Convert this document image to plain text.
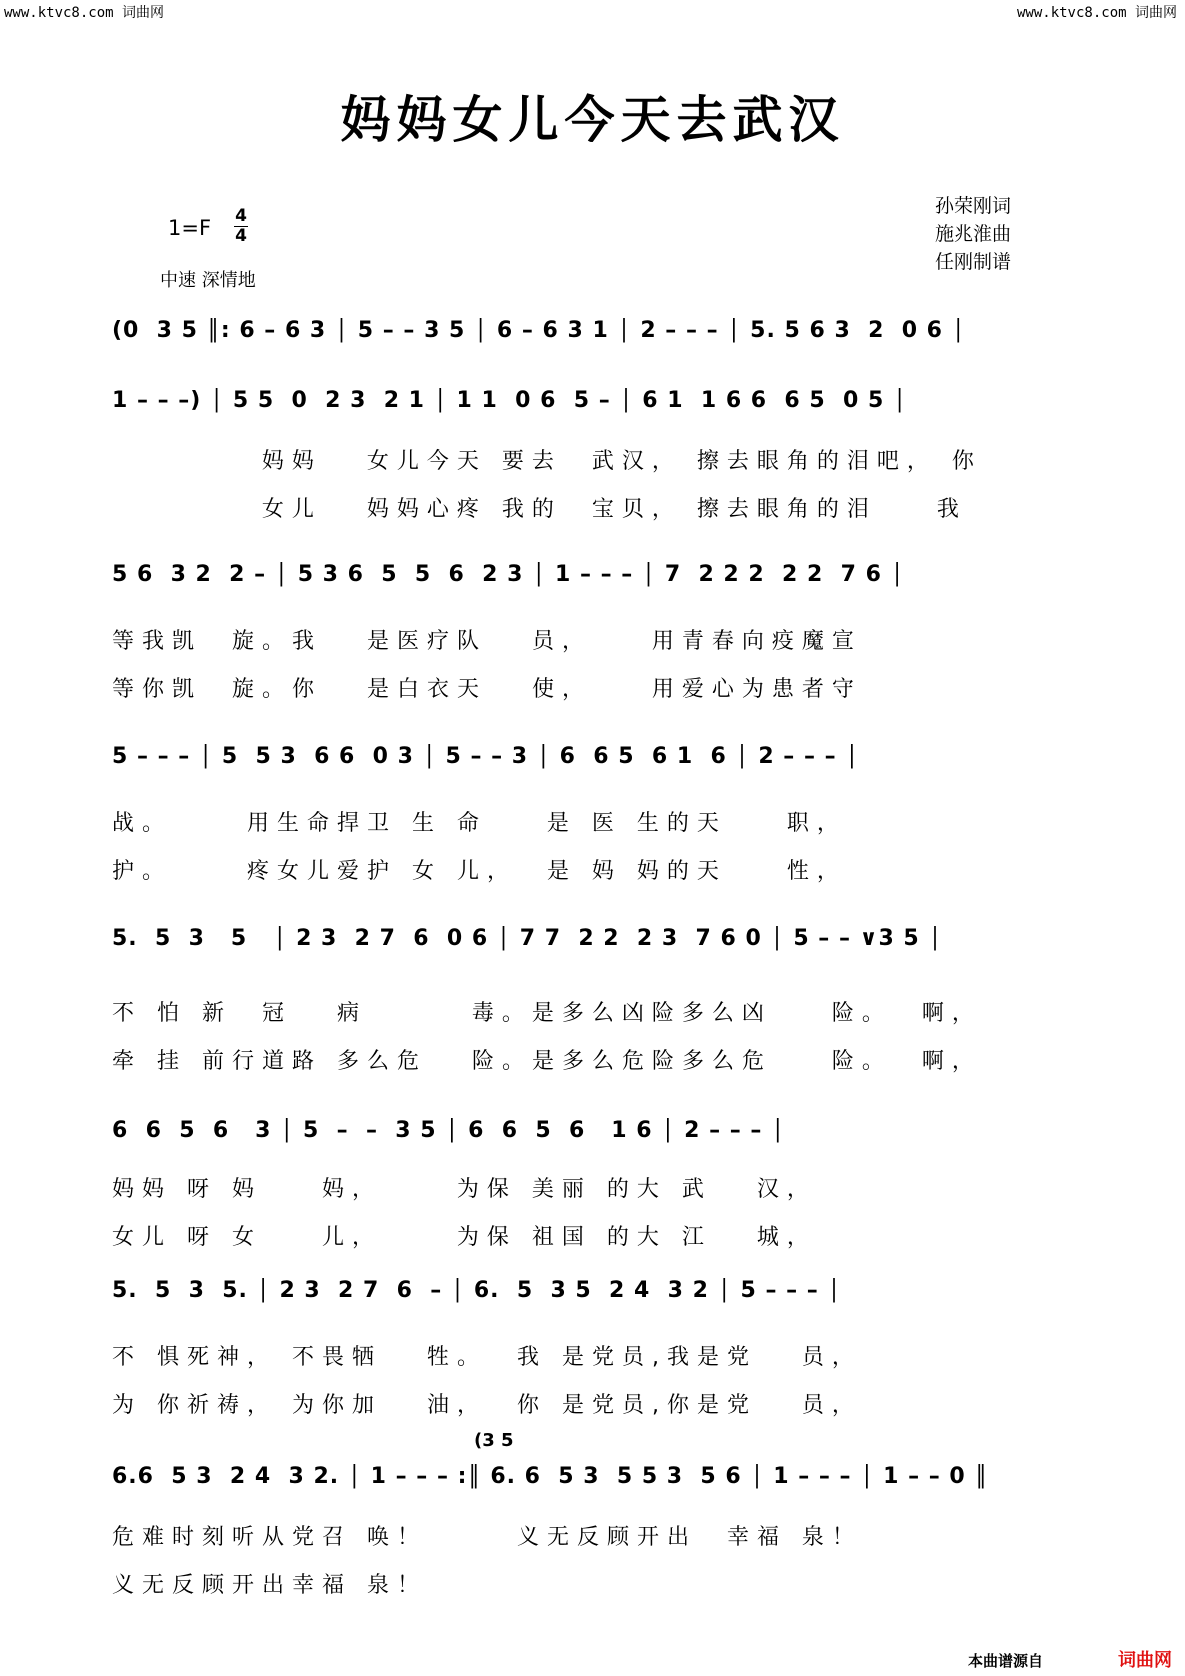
www.ktvc8.com 词曲网	www.ktvc8.com 词曲网
妈妈女儿今天去武汉
1=F 4
4
中速 深情地
孙荣刚词
施兆淮曲
任刚制谱
(0  3 5 ║: 6 – 6 3 │ 5 – – 3 5 │ 6 – 6 3 1 │ 2 – – – │ 5. 5 6 3  2  0 6 │
1 – – –) │ 5 5  0  2 3  2 1 │ 1 1  0 6  5 – │ 6 1  1 6 6  6 5  0 5 │
妈妈   女儿今天 要去  武汉， 擦去眼角的泪吧， 你
女儿   妈妈心疼 我的  宝贝， 擦去眼角的泪    我
5 6  3 2  2 – │ 5 3 6  5  5  6  2 3 │ 1 – – – │ 7  2 2 2  2 2  7 6 │
等我凯  旋。我   是医疗队   员，    用青春向疫魔宣
等你凯  旋。你   是白衣天   使，    用爱心为患者守
5 – – – │ 5  5 3  6 6  0 3 │ 5 – – 3 │ 6  6 5  6 1  6 │ 2 – – – │
战。     用生命捍卫 生 命    是 医 生的天    职，
护。     疼女儿爱护 女 儿，  是 妈 妈的天    性，
5.  5  3   5   │ 2 3  2 7  6  0 6 │ 7 7  2 2  2 3  7 6 0 │ 5 – – ∨3 5 │
不 怕 新  冠   病       毒。是多么凶险多么凶    险。  啊，
牵 挂 前行道路 多么危   险。是多么危险多么危    险。  啊，
6  6  5  6   3 │ 5  –  –  3 5 │ 6  6  5  6   1 6 │ 2 – – – │
妈妈 呀 妈    妈，     为保 美丽 的大 武   汉，
女儿 呀 女    儿，     为保 祖国 的大 江   城，
5.  5  3  5. │ 2 3  2 7  6  – │ 6.  5  3 5  2 4  3 2 │ 5 – – – │
不 惧死神， 不畏牺   牲。  我 是党员,我是党   员，
为 你祈祷， 为你加   油，  你 是党员,你是党   员，
(3 5
6.6  5 3  2 4  3 2. │ 1 – – – :║ 6. 6  5 3  5 5 3  5 6 │ 1 – – – │ 1 – – 0 ║
危难时刻听从党召 唤！      义无反顾开出  幸福 泉！
义无反顾开出幸福 泉！
本曲谱源自	词曲网
